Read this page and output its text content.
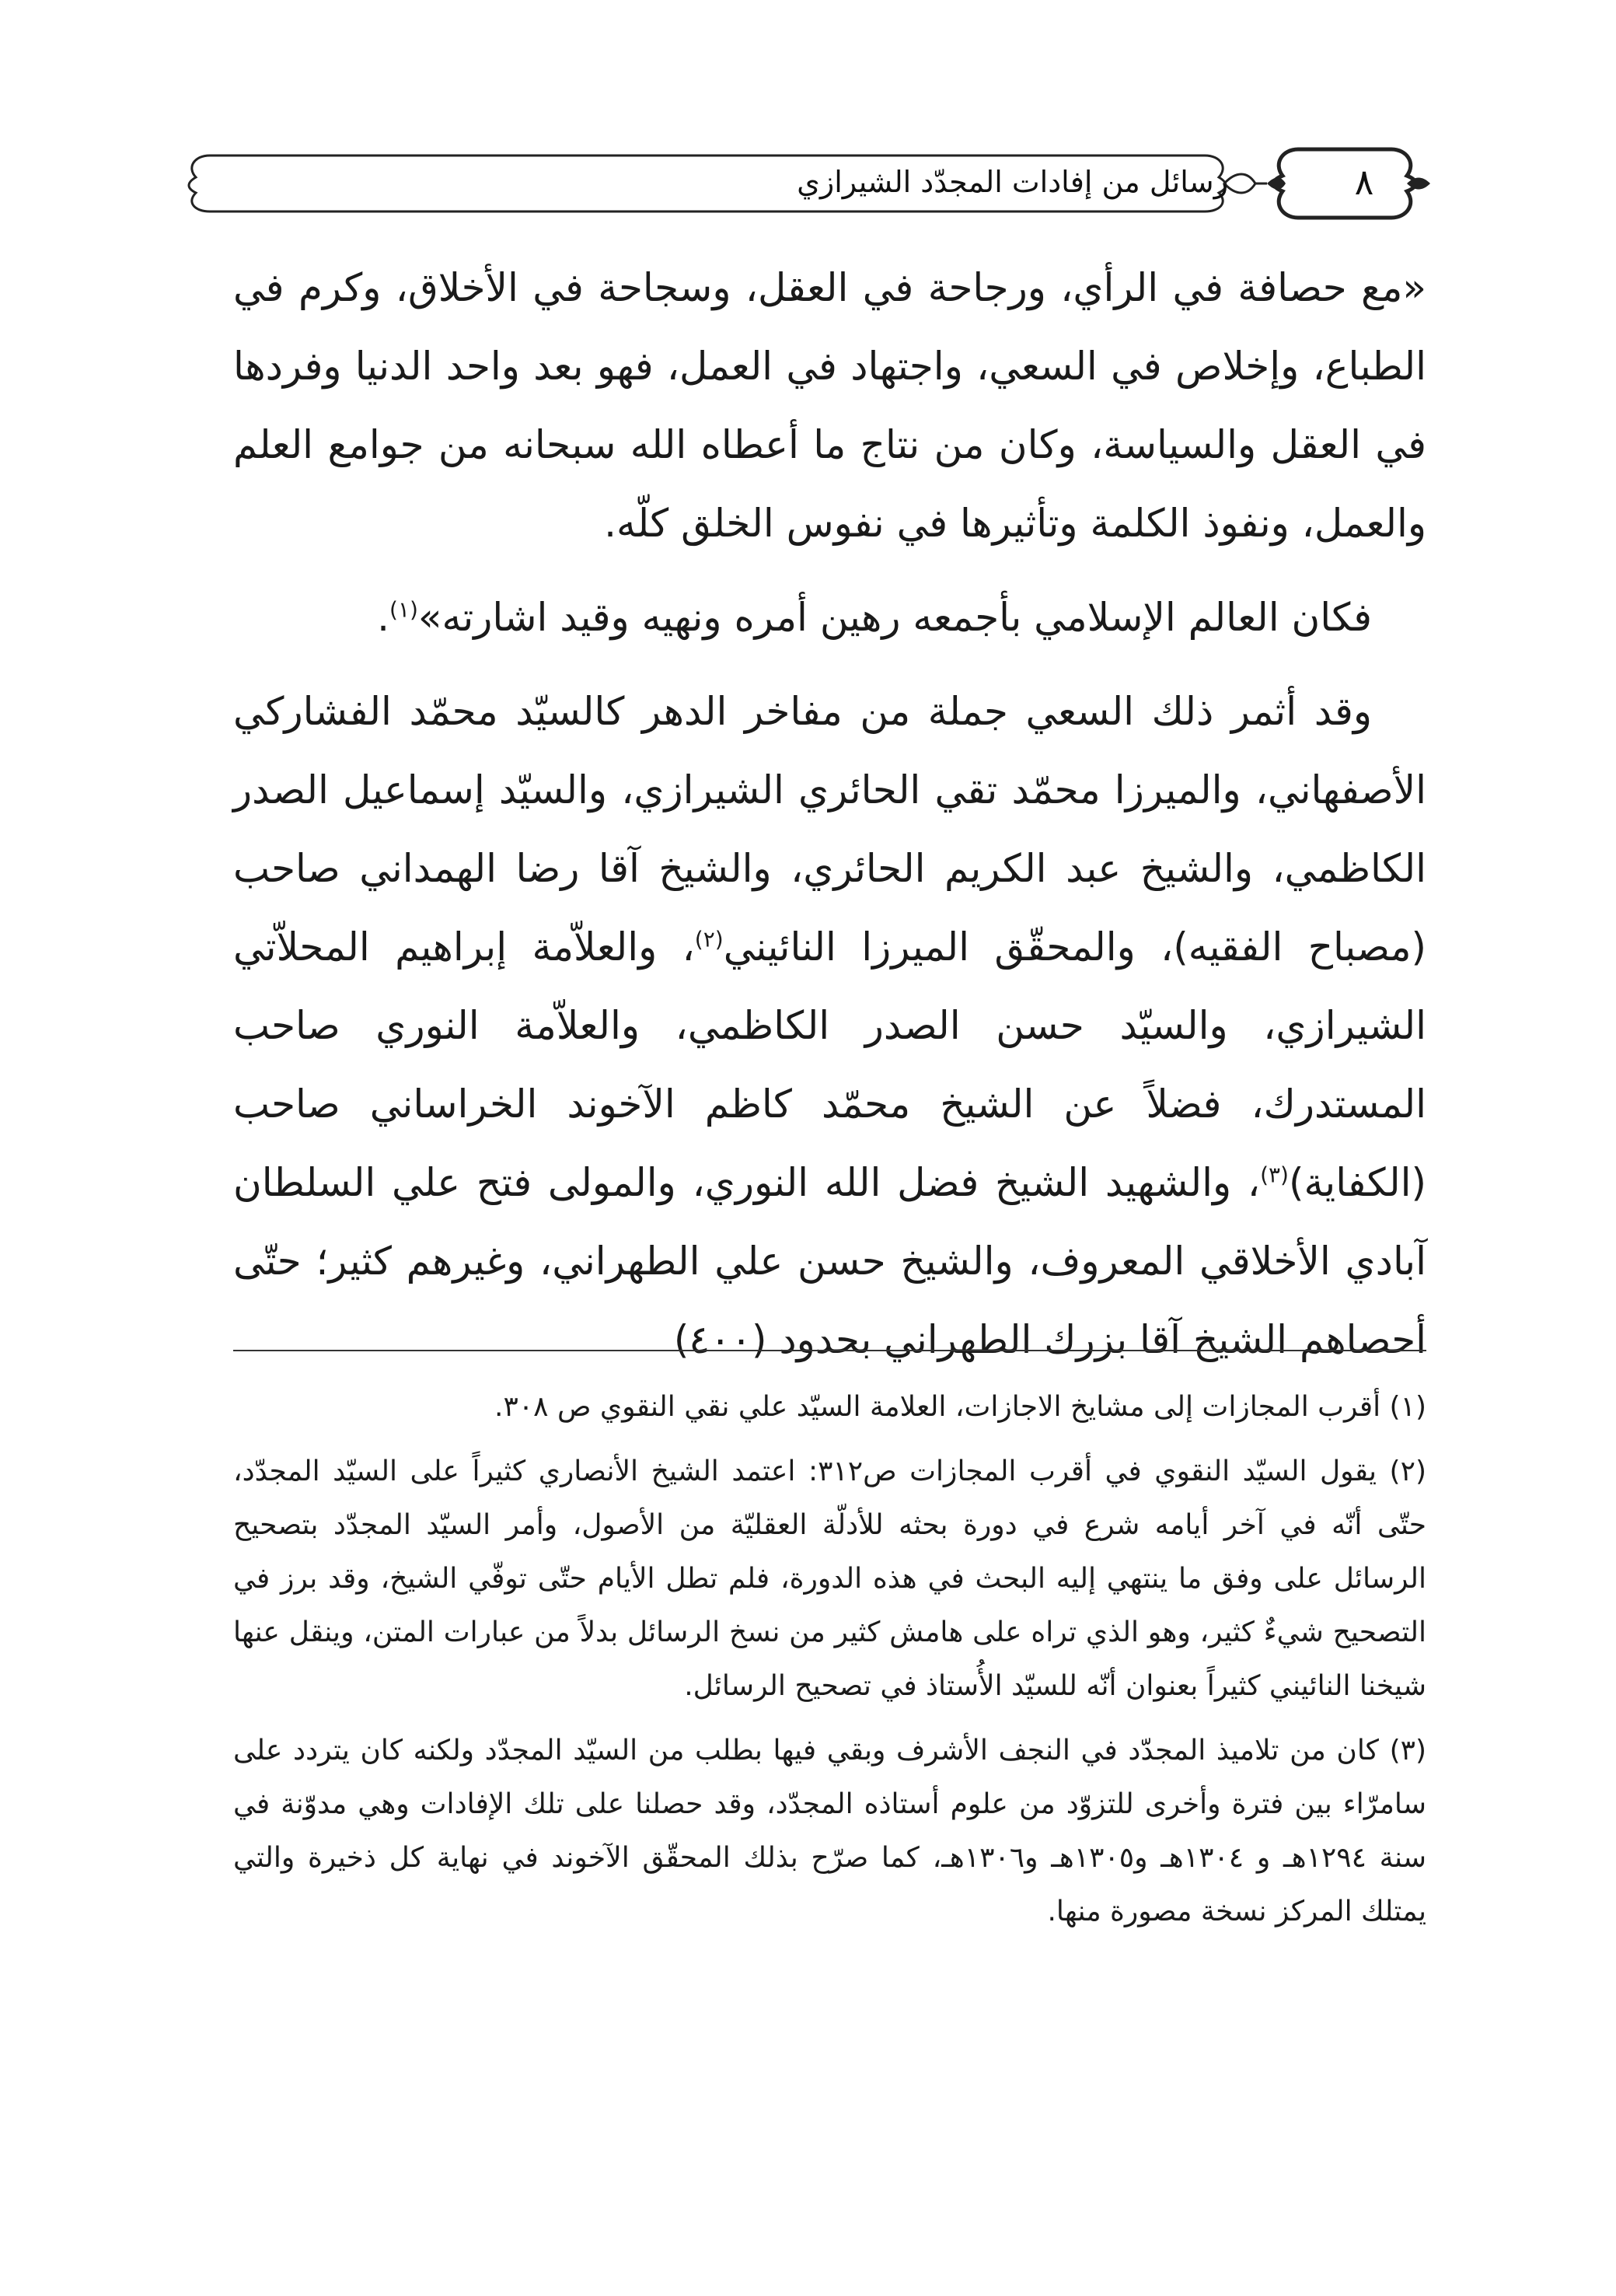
رسائل من إفادات المجدّد الشيرازي	٨

«مع حصافة في الرأي، ورجاحة في العقل، وسجاحة في الأخلاق، وكرم في الطباع، وإخلاص في السعي، واجتهاد في العمل، فهو بعد واحد الدنيا وفردها في العقل والسياسة، وكان من نتاج ما أعطاه الله سبحانه من جوامع العلم والعمل، ونفوذ الكلمة وتأثيرها في نفوس الخلق كلّه.

فكان العالم الإسلامي بأجمعه رهين أمره ونهيه وقيد اشارته»$^{(١)}$.

وقد أثمر ذلك السعي جملة من مفاخر الدهر كالسيّد محمّد الفشاركي الأصفهاني، والميرزا محمّد تقي الحائري الشيرازي، والسيّد إسماعيل الصدر الكاظمي، والشيخ عبد الكريم الحائري، والشيخ آقا رضا الهمداني صاحب (مصباح الفقيه)، والمحقّق الميرزا النائيني$^{(٢)}$، والعلاّمة إبراهيم المحلاّتي الشيرازي، والسيّد حسن الصدر الكاظمي، والعلاّمة النوري صاحب المستدرك، فضلاً عن الشيخ محمّد كاظم الآخوند الخراساني صاحب (الكفاية)$^{(٣)}$، والشهيد الشيخ فضل الله النوري، والمولى فتح علي السلطان آبادي الأخلاقي المعروف، والشيخ حسن علي الطهراني، وغيرهم كثير؛ حتّى أحصاهم الشيخ آقا بزرك الطهراني بحدود (٤٠٠)

(١) أقرب المجازات إلى مشايخ الاجازات، العلامة السيّد علي نقي النقوي ص ٣٠٨.

(٢) يقول السيّد النقوي في أقرب المجازات ص٣١٢: اعتمد الشيخ الأنصاري كثيراً على السيّد المجدّد، حتّى أنّه في آخر أيامه شرع في دورة بحثه للأدلّة العقليّة من الأصول، وأمر السيّد المجدّد بتصحيح الرسائل على وفق ما ينتهي إليه البحث في هذه الدورة، فلم تطل الأيام حتّى توفّي الشيخ، وقد برز في التصحيح شيءٌ كثير، وهو الذي تراه على هامش كثير من نسخ الرسائل بدلاً من عبارات المتن، وينقل عنها شيخنا النائيني كثيراً بعنوان أنّه للسيّد الأُستاذ في تصحيح الرسائل.

(٣) كان من تلاميذ المجدّد في النجف الأشرف وبقي فيها بطلب من السيّد المجدّد ولكنه كان يتردد على سامرّاء بين فترة وأخرى للتزوّد من علوم أستاذه المجدّد، وقد حصلنا على تلك الإفادات وهي مدوّنة في سنة ١٢٩٤هـ و ١٣٠٤هـ و١٣٠٥هـ و١٣٠٦هـ، كما صرّح بذلك المحقّق الآخوند في نهاية كل ذخيرة والتي يمتلك المركز نسخة مصورة منها.
